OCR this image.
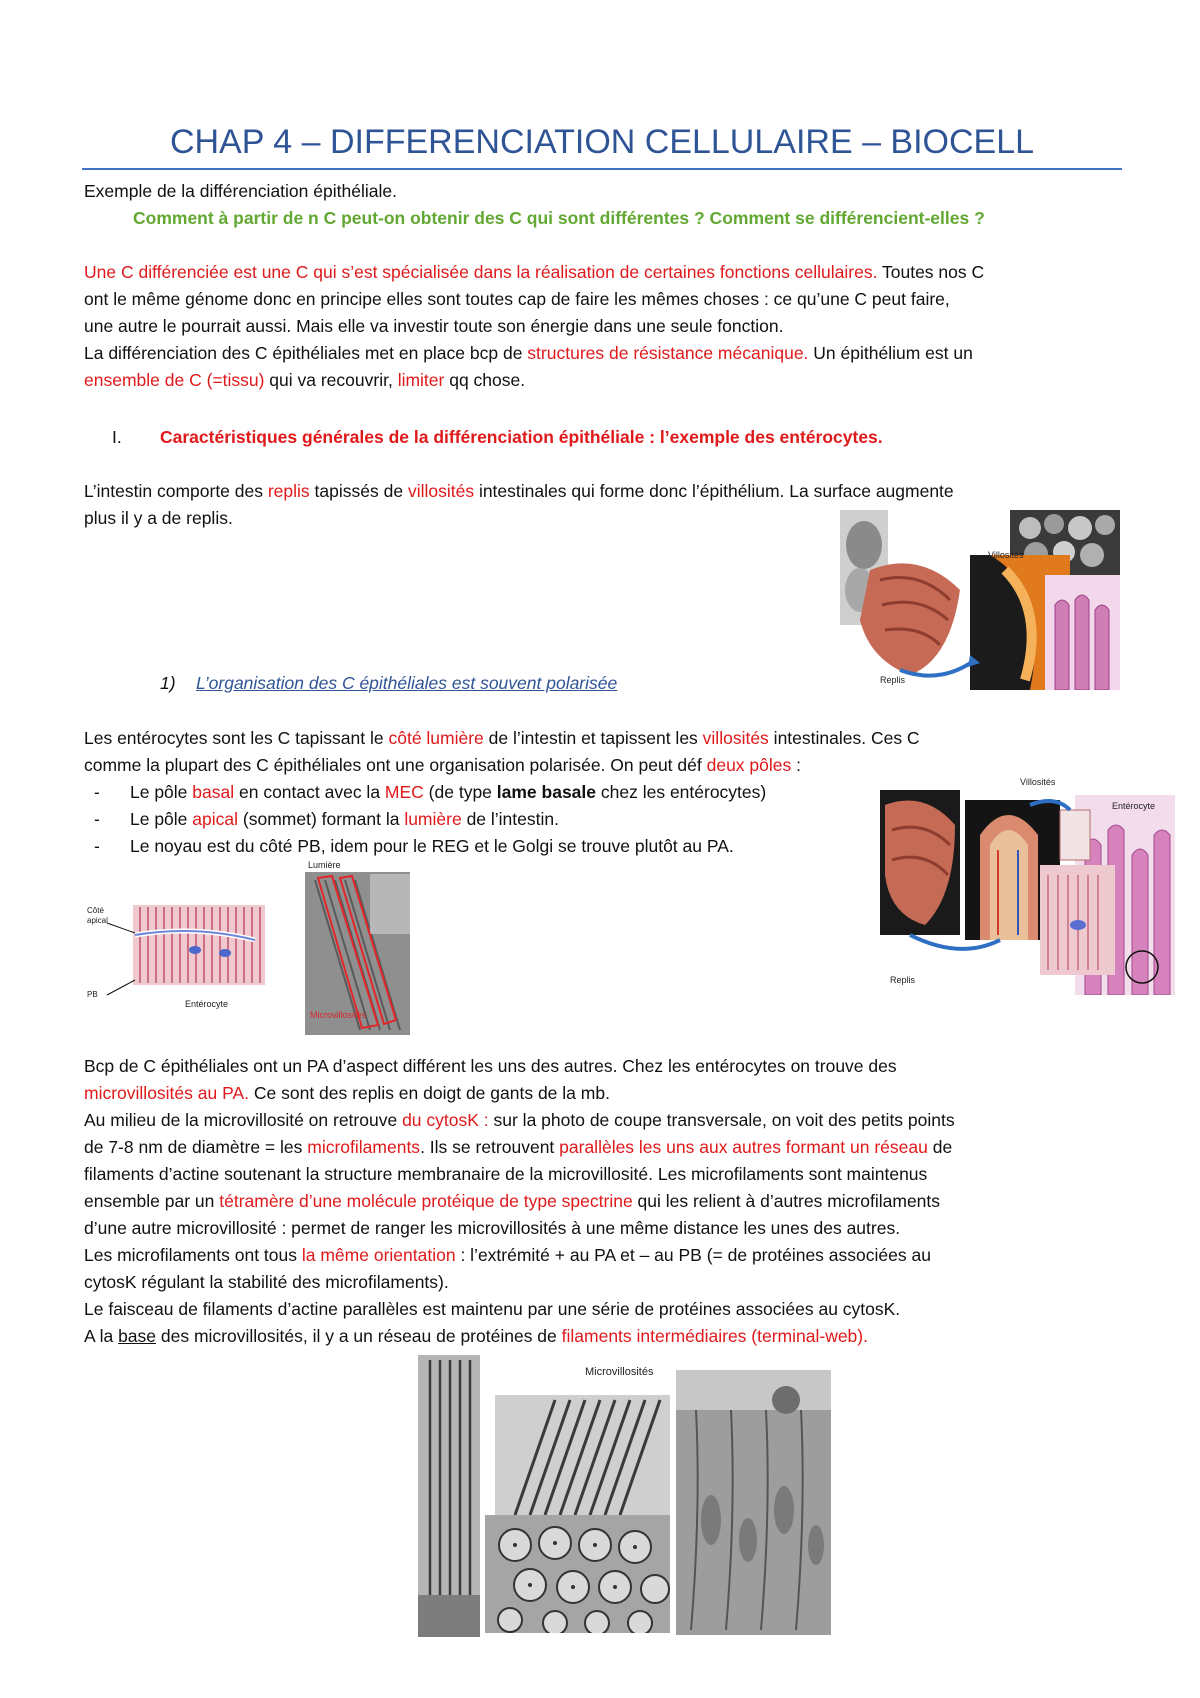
CHAP 4 – DIFFERENCIATION CELLULAIRE – BIOCELL
Exemple de la différenciation épithéliale.
Comment à partir de n C peut-on obtenir des C qui sont différentes ? Comment se différencient-elles ?
Une C différenciée est une C qui s’est spécialisée dans la réalisation de certaines fonctions cellulaires. Toutes nos C
ont le même génome donc en principe elles sont toutes cap de faire les mêmes choses : ce qu’une C peut faire,
une autre le pourrait aussi. Mais elle va investir toute son énergie dans une seule fonction.
La différenciation des C épithéliales met en place bcp de structures de résistance mécanique. Un épithélium est un
ensemble de C (=tissu) qui va recouvrir, limiter qq chose.
I. Caractéristiques générales de la différenciation épithéliale : l’exemple des entérocytes.
L’intestin comporte des replis tapissés de villosités intestinales qui forme donc l’épithélium. La surface augmente
plus il y a de replis.
Villosités
Replis
1) L’organisation des C épithéliales est souvent polarisée
Les entérocytes sont les C tapissant le côté lumière de l’intestin et tapissent les villosités intestinales. Ces C
comme la plupart des C épithéliales ont une organisation polarisée. On peut déf deux pôles :
- Le pôle basal en contact avec la MEC (de type lame basale chez les entérocytes)
- Le pôle apical (sommet) formant la lumière de l’intestin.
- Le noyau est du côté PB, idem pour le REG et le Golgi se trouve plutôt au PA.
Villosités
Entérocyte
Replis
Côté
apical
PB
Entérocyte
Lumière
Microvillosités
Bcp de C épithéliales ont un PA d’aspect différent les uns des autres. Chez les entérocytes on trouve des
microvillosités au PA. Ce sont des replis en doigt de gants de la mb.
Au milieu de la microvillosité on retrouve du cytosK : sur la photo de coupe transversale, on voit des petits points
de 7-8 nm de diamètre = les microfilaments. Ils se retrouvent parallèles les uns aux autres formant un réseau de
filaments d’actine soutenant la structure membranaire de la microvillosité. Les microfilaments sont maintenus
ensemble par un tétramère d’une molécule protéique de type spectrine qui les relient à d’autres microfilaments
d’une autre microvillosité : permet de ranger les microvillosités à une même distance les unes des autres.
Les microfilaments ont tous la même orientation : l’extrémité + au PA et – au PB (= de protéines associées au
cytosK régulant la stabilité des microfilaments).
Le faisceau de filaments d’actine parallèles est maintenu par une série de protéines associées au cytosK.
A la base des microvillosités, il y a un réseau de protéines de filaments intermédiaires (terminal-web).
Microvillosités
